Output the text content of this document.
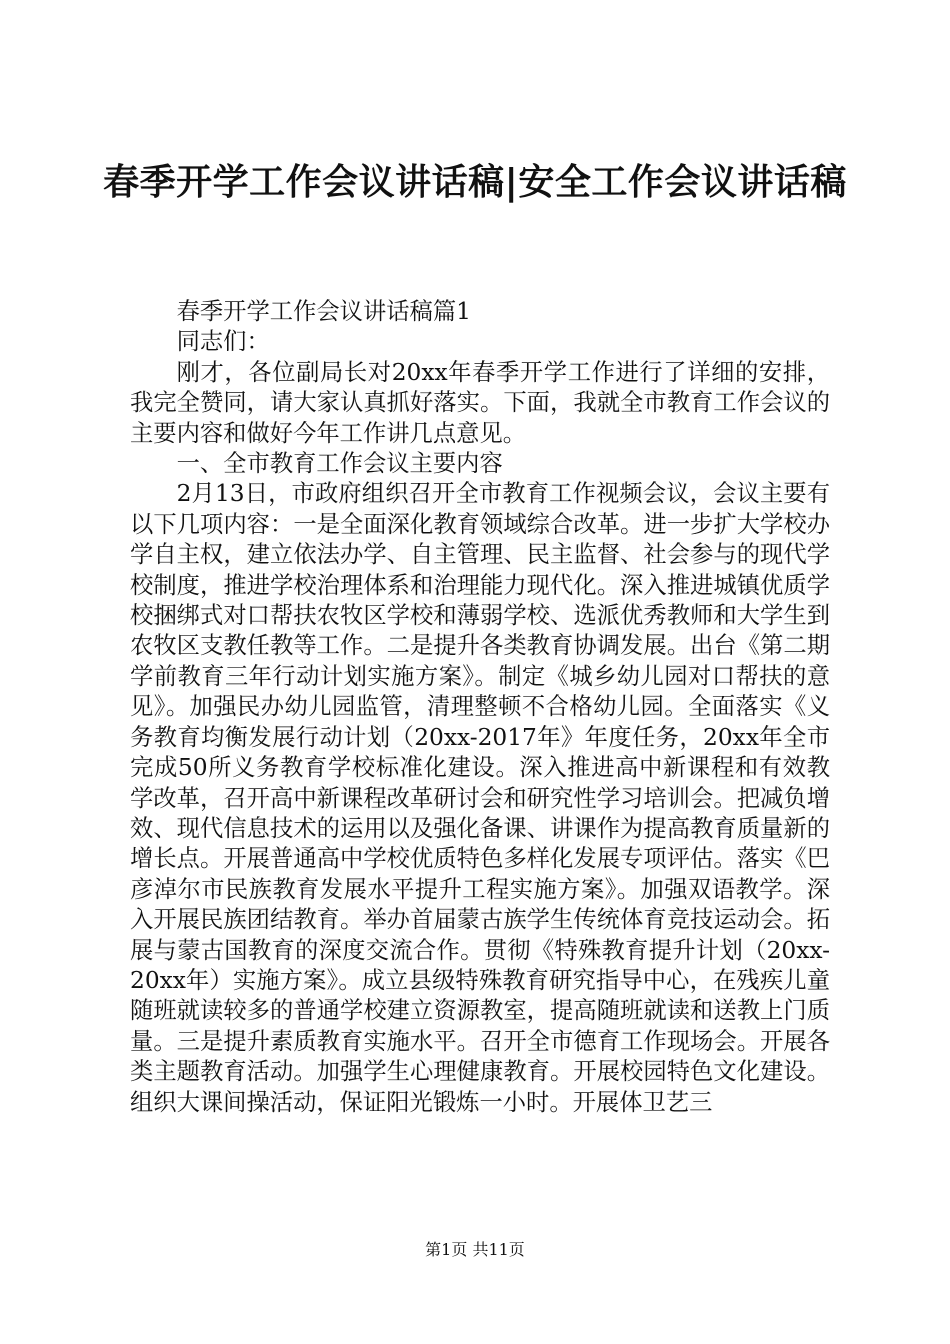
春季开学工作会议讲话稿|安全工作会议讲话稿

春季开学工作会议讲话稿篇1

同志们：

刚才，各位副局长对20xx年春季开学工作进行了详细的安排，我完全赞同，请大家认真抓好落实。下面，我就全市教育工作会议的主要内容和做好今年工作讲几点意见。

一、全市教育工作会议主要内容

2月13日，市政府组织召开全市教育工作视频会议，会议主要有以下几项内容：一是全面深化教育领域综合改革。进一步扩大学校办学自主权，建立依法办学、自主管理、民主监督、社会参与的现代学校制度，推进学校治理体系和治理能力现代化。深入推进城镇优质学校捆绑式对口帮扶农牧区学校和薄弱学校、选派优秀教师和大学生到农牧区支教任教等工作。二是提升各类教育协调发展。出台《第二期学前教育三年行动计划实施方案》。制定《城乡幼儿园对口帮扶的意见》。加强民办幼儿园监管，清理整顿不合格幼儿园。全面落实《义务教育均衡发展行动计划（20xx-2017年》年度任务，20xx年全市完成50所义务教育学校标准化建设。深入推进高中新课程和有效教学改革，召开高中新课程改革研讨会和研究性学习培训会。把减负增效、现代信息技术的运用以及强化备课、讲课作为提高教育质量新的增长点。开展普通高中学校优质特色多样化发展专项评估。落实《巴彦淖尔市民族教育发展水平提升工程实施方案》。加强双语教学。深入开展民族团结教育。举办首届蒙古族学生传统体育竞技运动会。拓展与蒙古国教育的深度交流合作。贯彻《特殊教育提升计划（20xx-20xx年）实施方案》。成立县级特殊教育研究指导中心，在残疾儿童随班就读较多的普通学校建立资源教室，提高随班就读和送教上门质量。三是提升素质教育实施水平。召开全市德育工作现场会。开展各类主题教育活动。加强学生心理健康教育。开展校园特色文化建设。组织大课间操活动，保证阳光锻炼一小时。开展体卫艺三

第1页 共11页
